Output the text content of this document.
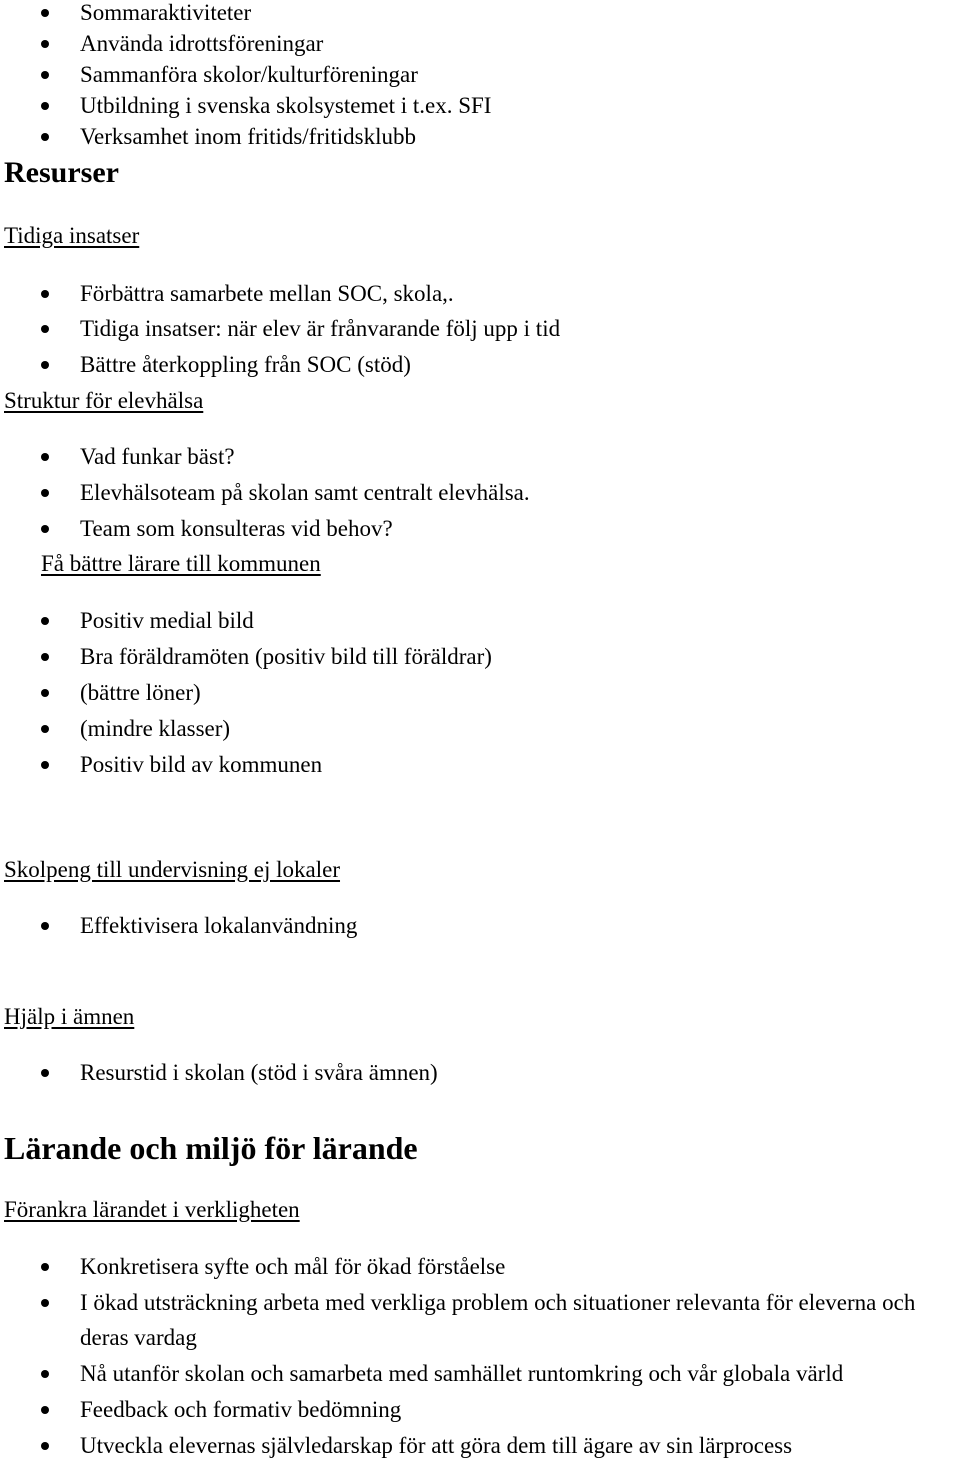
Sommaraktiviteter
Använda idrottsföreningar
Sammanföra skolor/kulturföreningar
Utbildning i svenska skolsystemet i t.ex. SFI
Verksamhet inom fritids/fritidsklubb
Resurser
Tidiga insatser
Förbättra samarbete mellan SOC, skola,.
Tidiga insatser: när elev är frånvarande följ upp i tid
Bättre återkoppling från SOC (stöd)
Struktur för elevhälsa
Vad funkar bäst?
Elevhälsoteam på skolan samt centralt elevhälsa.
Team som konsulteras vid behov?
Få bättre lärare till kommunen
Positiv medial bild
Bra föräldramöten (positiv bild till föräldrar)
(bättre löner)
(mindre klasser)
Positiv bild av kommunen
Skolpeng till undervisning ej lokaler
Effektivisera lokalanvändning
Hjälp i ämnen
Resurstid i skolan (stöd i svåra ämnen)
Lärande och miljö för lärande
Förankra lärandet i verkligheten
Konkretisera syfte och mål för ökad förståelse
I ökad utsträckning arbeta med verkliga problem och situationer relevanta för eleverna och deras vardag
Nå utanför skolan och samarbeta med samhället runtomkring och vår globala värld
Feedback och formativ bedömning
Utveckla elevernas självledarskap för att göra dem till ägare av sin lärprocess
